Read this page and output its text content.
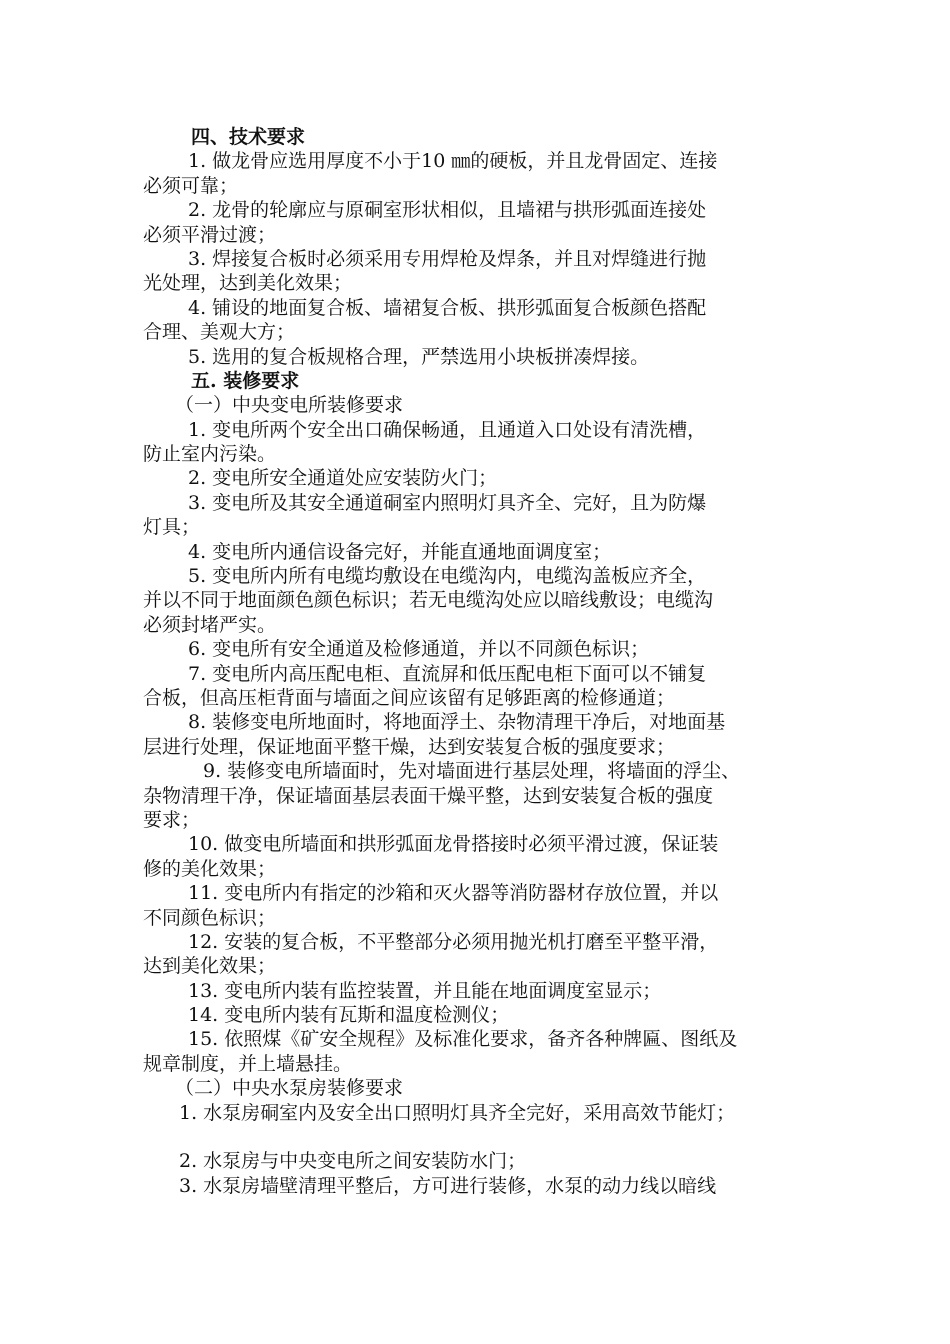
四、技术要求
1. 做龙骨应选用厚度不小于10 ㎜的硬板，并且龙骨固定、连接
必须可靠；
2. 龙骨的轮廓应与原硐室形状相似，且墙裙与拱形弧面连接处
必须平滑过渡；
3. 焊接复合板时必须采用专用焊枪及焊条，并且对焊缝进行抛
光处理，达到美化效果；
4. 铺设的地面复合板、墙裙复合板、拱形弧面复合板颜色搭配
合理、美观大方；
5. 选用的复合板规格合理，严禁选用小块板拼凑焊接。
五. 装修要求
（一）中央变电所装修要求
1. 变电所两个安全出口确保畅通，且通道入口处设有清洗槽，
防止室内污染。
2. 变电所安全通道处应安装防火门；
3. 变电所及其安全通道硐室内照明灯具齐全、完好，且为防爆
灯具；
4. 变电所内通信设备完好，并能直通地面调度室；
5. 变电所内所有电缆均敷设在电缆沟内，电缆沟盖板应齐全，
并以不同于地面颜色颜色标识；若无电缆沟处应以暗线敷设；电缆沟
必须封堵严实。
6. 变电所有安全通道及检修通道，并以不同颜色标识；
7. 变电所内高压配电柜、直流屏和低压配电柜下面可以不铺复
合板，但高压柜背面与墙面之间应该留有足够距离的检修通道；
8. 装修变电所地面时，将地面浮土、杂物清理干净后，对地面基
层进行处理，保证地面平整干燥，达到安装复合板的强度要求；
9. 装修变电所墙面时，先对墙面进行基层处理，将墙面的浮尘、
杂物清理干净，保证墙面基层表面干燥平整，达到安装复合板的强度
要求；
10. 做变电所墙面和拱形弧面龙骨搭接时必须平滑过渡，保证装
修的美化效果；
11. 变电所内有指定的沙箱和灭火器等消防器材存放位置，并以
不同颜色标识；
12. 安装的复合板，不平整部分必须用抛光机打磨至平整平滑，
达到美化效果；
13. 变电所内装有监控装置，并且能在地面调度室显示；
14. 变电所内装有瓦斯和温度检测仪；
15. 依照煤《矿安全规程》及标准化要求，备齐各种牌匾、图纸及
规章制度，并上墙悬挂。
（二）中央水泵房装修要求
1. 水泵房硐室内及安全出口照明灯具齐全完好，采用高效节能灯；
2. 水泵房与中央变电所之间安装防水门；
3. 水泵房墙壁清理平整后，方可进行装修，水泵的动力线以暗线
